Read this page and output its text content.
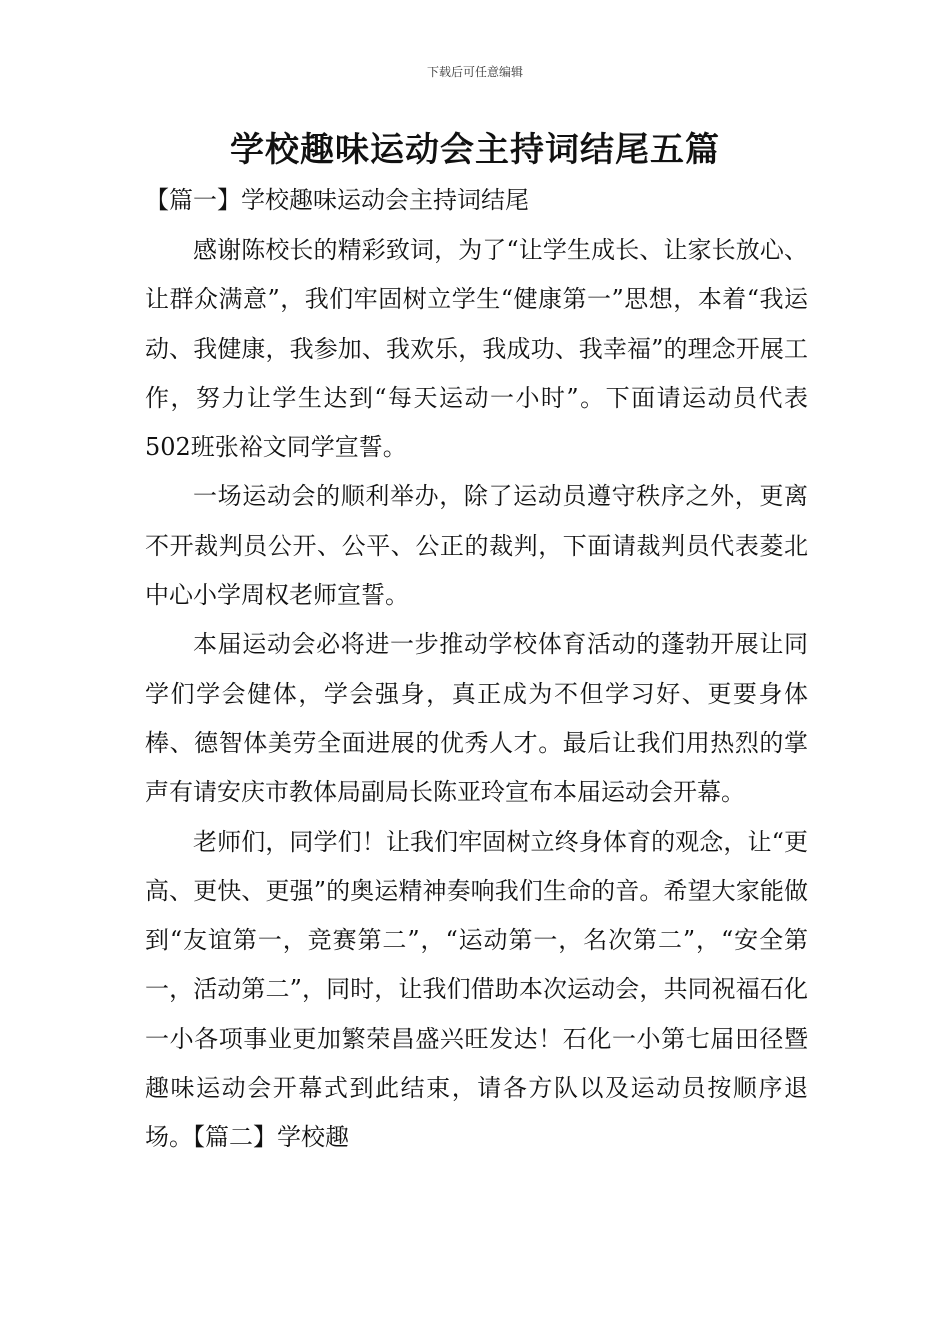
下载后可任意编辑
学校趣味运动会主持词结尾五篇
【篇一】学校趣味运动会主持词结尾

感谢陈校长的精彩致词，为了“让学生成长、让家长放心、让群众满意”，我们牢固树立学生“健康第一”思想，本着“我运动、我健康，我参加、我欢乐，我成功、我幸福”的理念开展工作，努力让学生达到“每天运动一小时”。下面请运动员代表502班张裕文同学宣誓。

一场运动会的顺利举办，除了运动员遵守秩序之外，更离不开裁判员公开、公平、公正的裁判，下面请裁判员代表菱北中心小学周权老师宣誓。

本届运动会必将进一步推动学校体育活动的蓬勃开展让同学们学会健体，学会强身，真正成为不但学习好、更要身体棒、德智体美劳全面进展的优秀人才。最后让我们用热烈的掌声有请安庆市教体局副局长陈亚玲宣布本届运动会开幕。

老师们，同学们！让我们牢固树立终身体育的观念，让“更高、更快、更强”的奥运精神奏响我们生命的音。希望大家能做到“友谊第一，竞赛第二”，“运动第一，名次第二”，“安全第一，活动第二”，同时，让我们借助本次运动会，共同祝福石化一小各项事业更加繁荣昌盛兴旺发达！石化一小第七届田径暨趣味运动会开幕式到此结束，请各方队以及运动员按顺序退场。【篇二】学校趣
